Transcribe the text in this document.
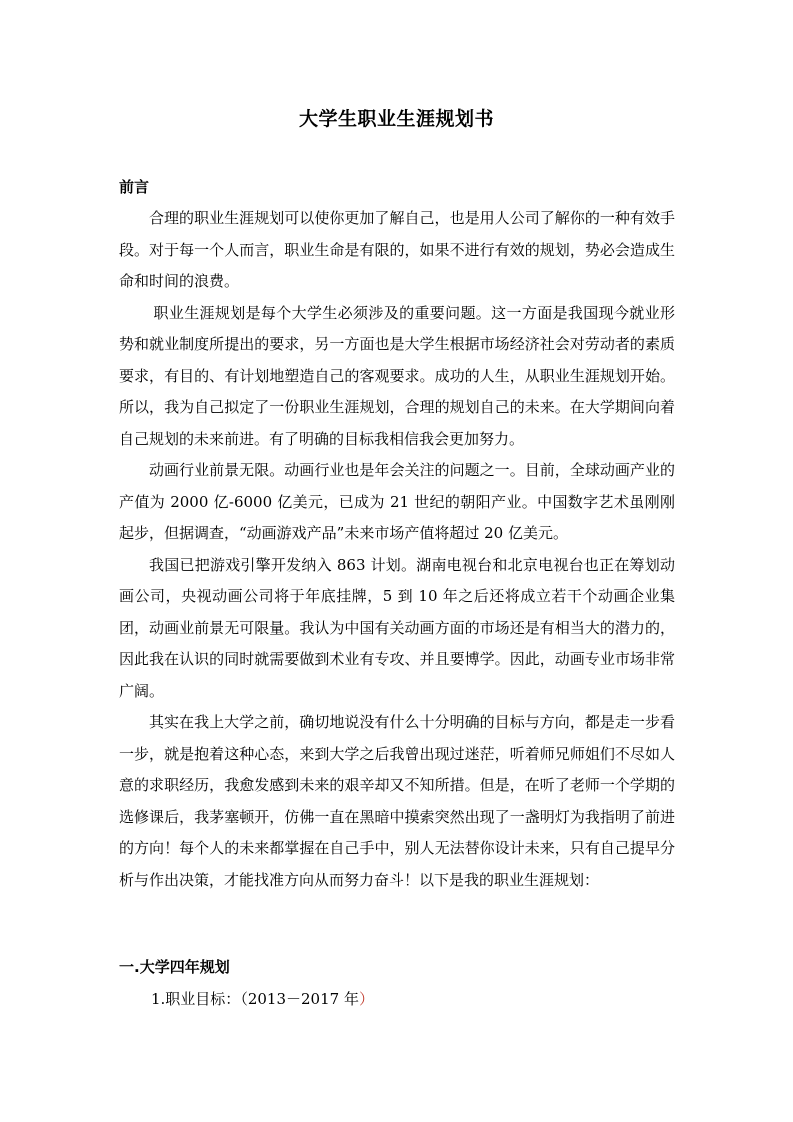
大学生职业生涯规划书
前言

合理的职业生涯规划可以使你更加了解自己，也是用人公司了解你的一种有效手段。对于每一个人而言，职业生命是有限的，如果不进行有效的规划，势必会造成生命和时间的浪费。

职业生涯规划是每个大学生必须涉及的重要问题。这一方面是我国现今就业形势和就业制度所提出的要求，另一方面也是大学生根据市场经济社会对劳动者的素质要求，有目的、有计划地塑造自己的客观要求。成功的人生，从职业生涯规划开始。所以，我为自己拟定了一份职业生涯规划，合理的规划自己的未来。在大学期间向着自己规划的未来前进。有了明确的目标我相信我会更加努力。

动画行业前景无限。动画行业也是年会关注的问题之一。目前，全球动画产业的产值为 2000 亿-6000 亿美元，已成为 21 世纪的朝阳产业。中国数字艺术虽刚刚起步，但据调查，“动画游戏产品”未来市场产值将超过 20 亿美元。

我国已把游戏引擎开发纳入 863 计划。湖南电视台和北京电视台也正在筹划动画公司，央视动画公司将于年底挂牌，5 到 10 年之后还将成立若干个动画企业集团，动画业前景无可限量。我认为中国有关动画方面的市场还是有相当大的潜力的，因此我在认识的同时就需要做到术业有专攻、并且要博学。因此，动画专业市场非常广阔。

其实在我上大学之前，确切地说没有什么十分明确的目标与方向，都是走一步看一步，就是抱着这种心态，来到大学之后我曾出现过迷茫，听着师兄师姐们不尽如人意的求职经历，我愈发感到未来的艰辛却又不知所措。但是，在听了老师一个学期的选修课后，我茅塞顿开，仿佛一直在黑暗中摸索突然出现了一盏明灯为我指明了前进的方向！每个人的未来都掌握在自己手中，别人无法替你设计未来，只有自己提早分析与作出决策，才能找准方向从而努力奋斗！以下是我的职业生涯规划：

一.大学四年规划

1.职业目标：（2013－2017 年）
